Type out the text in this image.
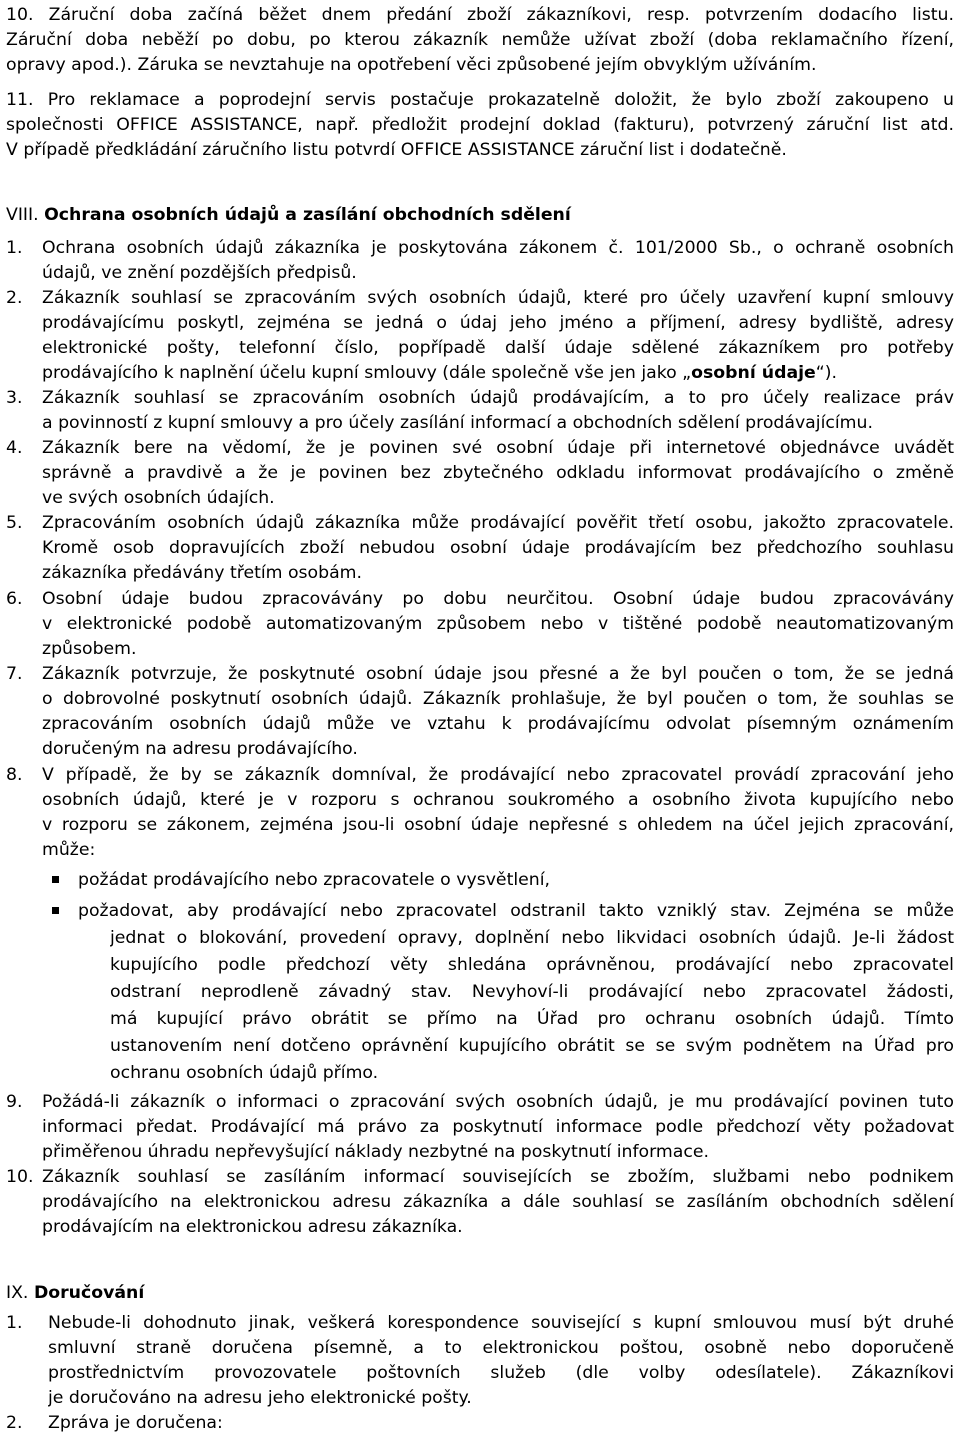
10. Záruční doba začíná běžet dnem předání zboží zákazníkovi, resp. potvrzením dodacího listu.
Záruční doba neběží po dobu, po kterou zákazník nemůže užívat zboží (doba reklamačního řízení,
opravy apod.). Záruka se nevztahuje na opotřebení věci způsobené jejím obvyklým užíváním.
11. Pro reklamace a poprodejní servis postačuje prokazatelně doložit, že bylo zboží zakoupeno u
společnosti OFFICE ASSISTANCE, např. předložit prodejní doklad (fakturu), potvrzený záruční list atd.
V případě předkládání záručního listu potvrdí OFFICE ASSISTANCE záruční list i dodatečně.
VIII. Ochrana osobních údajů a zasílání obchodních sdělení
1.	Ochrana osobních údajů zákazníka je poskytována zákonem č. 101/2000 Sb., o ochraně osobních
údajů, ve znění pozdějších předpisů.
2.	Zákazník souhlasí se zpracováním svých osobních údajů, které pro účely uzavření kupní smlouvy
prodávajícímu poskytl, zejména se jedná o údaj jeho jméno a příjmení, adresy bydliště, adresy
elektronické pošty, telefonní číslo, popřípadě další údaje sdělené zákazníkem pro potřeby
prodávajícího k naplnění účelu kupní smlouvy (dále společně vše jen jako „osobní údaje“).
3.	Zákazník souhlasí se zpracováním osobních údajů prodávajícím, a to pro účely realizace práv
a povinností z kupní smlouvy a pro účely zasílání informací a obchodních sdělení prodávajícímu.
4.	Zákazník bere na vědomí, že je povinen své osobní údaje při internetové objednávce uvádět
správně a pravdivě a že je povinen bez zbytečného odkladu informovat prodávajícího o změně
ve svých osobních údajích.
5.	Zpracováním osobních údajů zákazníka může prodávající pověřit třetí osobu, jakožto zpracovatele.
Kromě osob dopravujících zboží nebudou osobní údaje prodávajícím bez předchozího souhlasu
zákazníka předávány třetím osobám.
6.	Osobní údaje budou zpracovávány po dobu neurčitou. Osobní údaje budou zpracovávány
v elektronické podobě automatizovaným způsobem nebo v tištěné podobě neautomatizovaným
způsobem.
7.	Zákazník potvrzuje, že poskytnuté osobní údaje jsou přesné a že byl poučen o tom, že se jedná
o dobrovolné poskytnutí osobních údajů. Zákazník prohlašuje, že byl poučen o tom, že souhlas se
zpracováním osobních údajů může ve vztahu k prodávajícímu odvolat písemným oznámením
doručeným na adresu prodávajícího.
8.	V případě, že by se zákazník domníval, že prodávající nebo zpracovatel provádí zpracování jeho
osobních údajů, které je v rozporu s ochranou soukromého a osobního života kupujícího nebo
v rozporu se zákonem, zejména jsou-li osobní údaje nepřesné s ohledem na účel jejich zpracování,
může:
požádat prodávajícího nebo zpracovatele o vysvětlení,
požadovat, aby prodávající nebo zpracovatel odstranil takto vzniklý stav. Zejména se může
jednat o blokování, provedení opravy, doplnění nebo likvidaci osobních údajů. Je-li žádost
kupujícího podle předchozí věty shledána oprávněnou, prodávající nebo zpracovatel
odstraní neprodleně závadný stav. Nevyhoví-li prodávající nebo zpracovatel žádosti,
má kupující právo obrátit se přímo na Úřad pro ochranu osobních údajů. Tímto
ustanovením není dotčeno oprávnění kupujícího obrátit se se svým podnětem na Úřad pro
ochranu osobních údajů přímo.
9.	Požádá-li zákazník o informaci o zpracování svých osobních údajů, je mu prodávající povinen tuto
informaci předat. Prodávající má právo za poskytnutí informace podle předchozí věty požadovat
přiměřenou úhradu nepřevyšující náklady nezbytné na poskytnutí informace.
10. Zákazník souhlasí se zasíláním informací souvisejících se zbožím, službami nebo podnikem
prodávajícího na elektronickou adresu zákazníka a dále souhlasí se zasíláním obchodních sdělení
prodávajícím na elektronickou adresu zákazníka.
IX. Doručování
1.	Nebude-li dohodnuto jinak, veškerá korespondence související s kupní smlouvou musí být druhé
smluvní straně doručena písemně, a to elektronickou poštou, osobně nebo doporučeně
prostřednictvím provozovatele poštovních služeb (dle volby odesílatele). Zákazníkovi
je doručováno na adresu jeho elektronické pošty.
2.	Zpráva je doručena:
